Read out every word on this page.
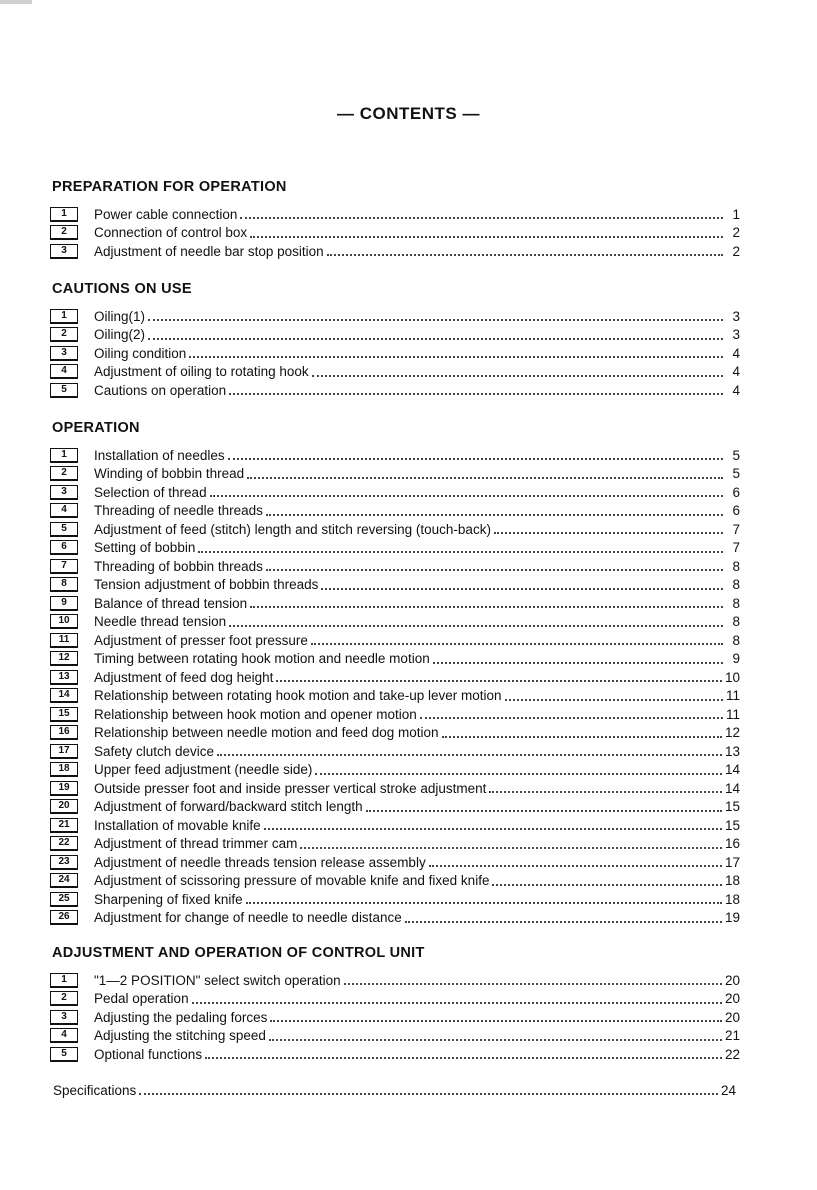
— CONTENTS —
PREPARATION FOR OPERATION
1	Power cable connection	1
2	Connection of control box	2
3	Adjustment of needle bar stop position	2
CAUTIONS ON USE
1	Oiling(1)	3
2	Oiling(2)	3
3	Oiling condition	4
4	Adjustment of oiling to rotating hook	4
5	Cautions on operation	4
OPERATION
1	Installation of needles	5
2	Winding of bobbin thread	5
3	Selection of thread	6
4	Threading of needle threads	6
5	Adjustment of feed (stitch) length and stitch reversing (touch-back)	7
6	Setting of bobbin	7
7	Threading of bobbin threads	8
8	Tension adjustment of bobbin threads	8
9	Balance of thread tension	8
10	Needle thread tension	8
11	Adjustment of presser foot pressure	8
12	Timing between rotating hook motion and needle motion	9
13	Adjustment of feed dog height	10
14	Relationship between rotating hook motion and take-up lever motion	11
15	Relationship between hook motion and opener motion	11
16	Relationship between needle motion and feed dog motion	12
17	Safety clutch device	13
18	Upper feed adjustment (needle side)	14
19	Outside presser foot and inside presser vertical stroke adjustment	14
20	Adjustment of forward/backward stitch length	15
21	Installation of movable knife	15
22	Adjustment of thread trimmer cam	16
23	Adjustment of needle threads tension release assembly	17
24	Adjustment of scissoring pressure of movable knife and fixed knife	18
25	Sharpening of fixed knife	18
26	Adjustment for change of needle to needle distance	19
ADJUSTMENT AND OPERATION OF CONTROL UNIT
1	"1—2 POSITION" select switch operation	20
2	Pedal operation	20
3	Adjusting the pedaling forces	20
4	Adjusting the stitching speed	21
5	Optional functions	22
Specifications	24
